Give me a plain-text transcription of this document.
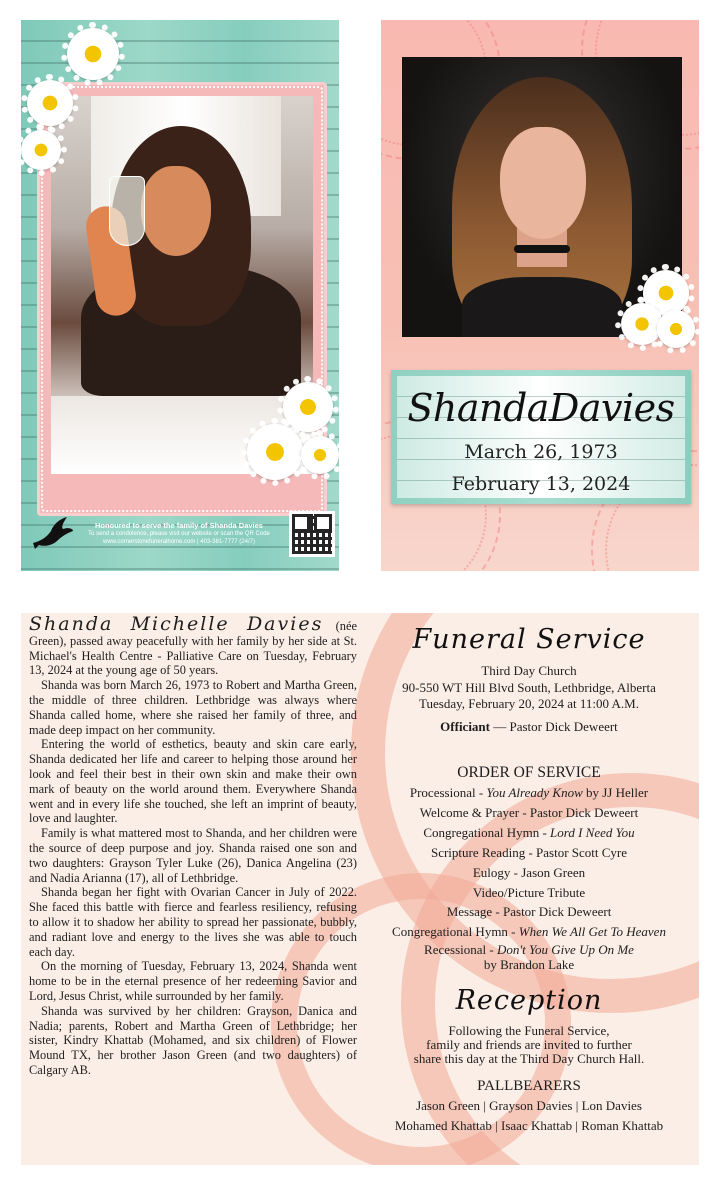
Honoured to serve the family of Shanda Davies
To send a condolence, please visit our website or scan the QR Code
www.cornerstonefuneralhome.com | 403-381-7777 (24/7)
ShandaDavies
March 26, 1973
February 13, 2024

Shanda Michelle Davies (née Green), passed away peacefully with her family by her side at St. Michael's Health Centre - Palliative Care on Tuesday, February 13, 2024 at the young age of 50 years.

Shanda was born March 26, 1973 to Robert and Martha Green, the middle of three children. Lethbridge was always where Shanda called home, where she raised her family of three, and made deep impact on her community.

Entering the world of esthetics, beauty and skin care early, Shanda dedicated her life and career to helping those around her look and feel their best in their own skin and make their own mark of beauty on the world around them. Everywhere Shanda went and in every life she touched, she left an imprint of beauty, love and laughter.

Family is what mattered most to Shanda, and her children were the source of deep purpose and joy. Shanda raised one son and two daughters: Grayson Tyler Luke (26), Danica Angelina (23) and Nadia Arianna (17), all of Lethbridge.

Shanda began her fight with Ovarian Cancer in July of 2022. She faced this battle with fierce and fearless resiliency, refusing to allow it to shadow her ability to spread her passionate, bubbly, and radiant love and energy to the lives she was able to touch each day.

On the morning of Tuesday, February 13, 2024, Shanda went home to be in the eternal presence of her redeeming Savior and Lord, Jesus Christ, while surrounded by her family.

Shanda was survived by her children: Grayson, Danica and Nadia; parents, Robert and Martha Green of Lethbridge; her sister, Kindry Khattab (Mohamed, and six children) of Flower Mound TX, her brother Jason Green (and two daughters) of Calgary AB.

Funeral Service
Third Day Church
90-550 WT Hill Blvd South, Lethbridge, Alberta
Tuesday, February 20, 2024 at 11:00 A.M.
Officiant — Pastor Dick Deweert
ORDER OF SERVICE
Processional - You Already Know by JJ Heller
Welcome & Prayer - Pastor Dick Deweert
Congregational Hymn - Lord I Need You
Scripture Reading - Pastor Scott Cyre
Eulogy - Jason Green
Video/Picture Tribute
Message - Pastor Dick Deweert
Congregational Hymn - When We All Get To Heaven
Recessional - Don't You Give Up On Me
by Brandon Lake
Reception
Following the Funeral Service,
family and friends are invited to further
share this day at the Third Day Church Hall.
PALLBEARERS
Jason Green | Grayson Davies | Lon Davies
Mohamed Khattab | Isaac Khattab | Roman Khattab
